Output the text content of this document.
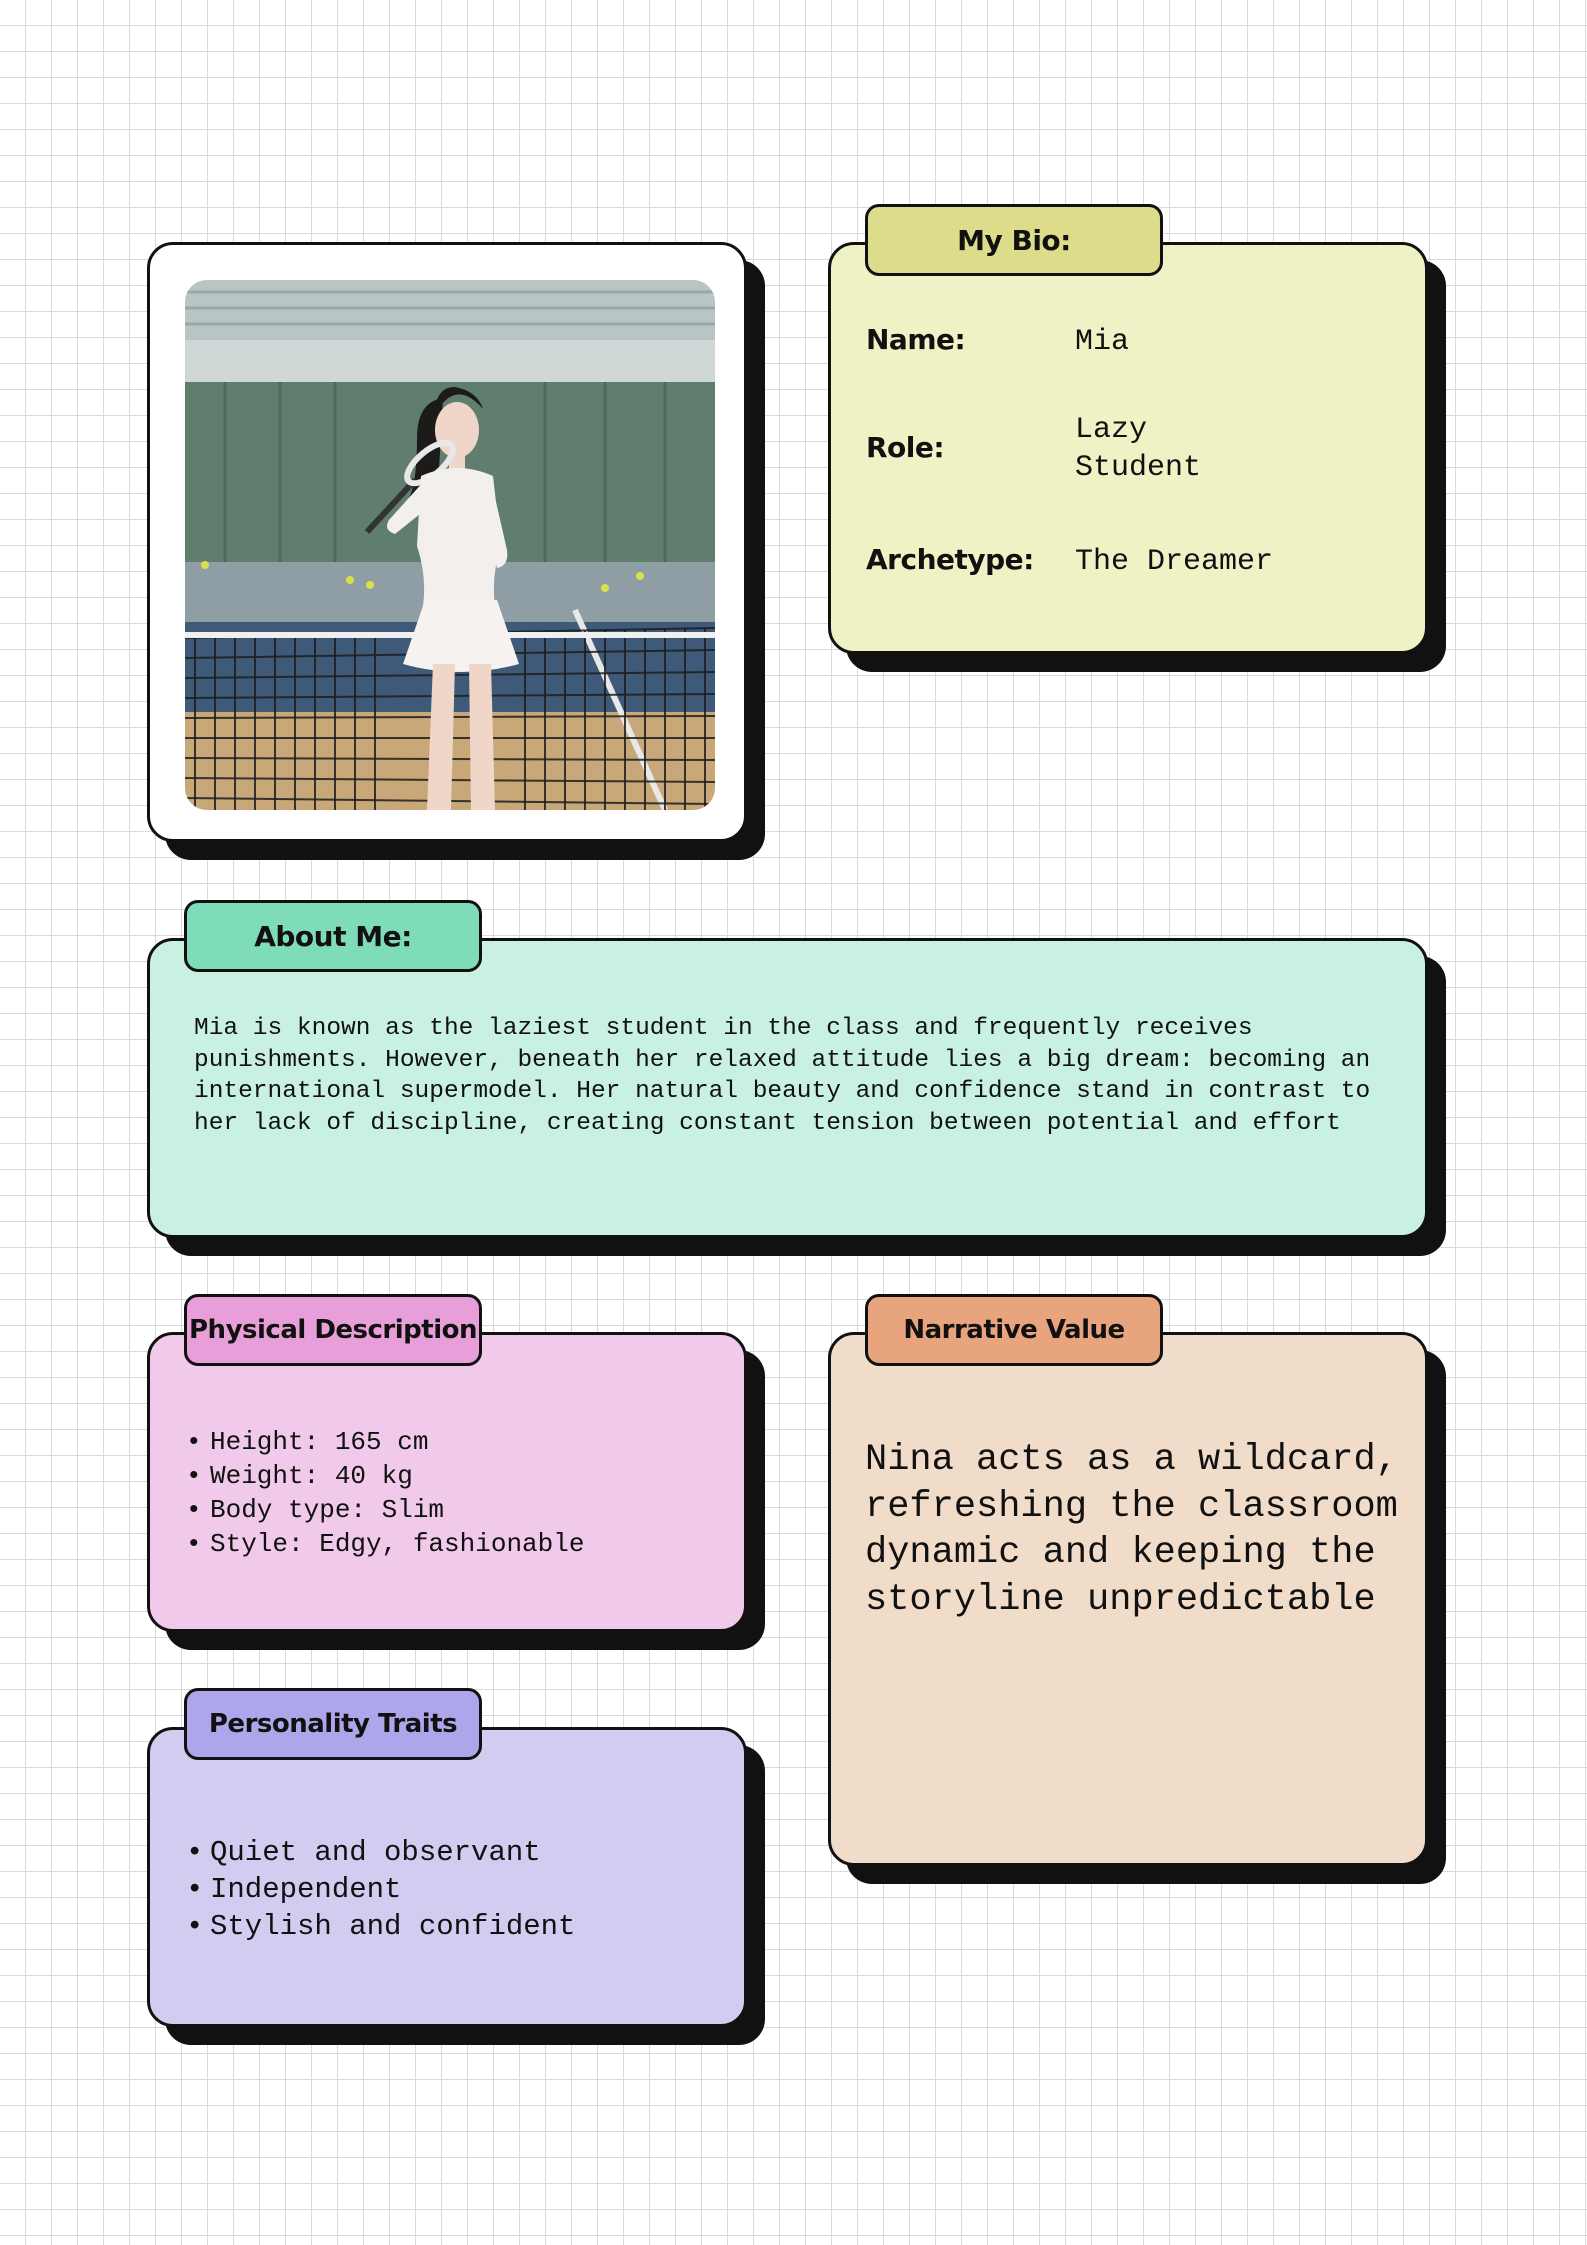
Name:	Mia
Role:
Lazy
Student
Archetype: The Dreamer
My Bio:
Mia is known as the laziest student in the class and frequently receives punishments. However, beneath her relaxed attitude lies a big dream: becoming an international supermodel. Her natural beauty and confidence stand in contrast to her lack of discipline, creating constant tension between potential and effort
About Me:
• Height: 165 cm
• Weight: 40 kg
• Body type: Slim
• Style: Edgy, fashionable
Physical Description
• Quiet and observant
• Independent
• Stylish and confident
Personality Traits
Nina acts as a wildcard, refreshing the classroom dynamic and keeping the storyline unpredictable
Narrative Value
